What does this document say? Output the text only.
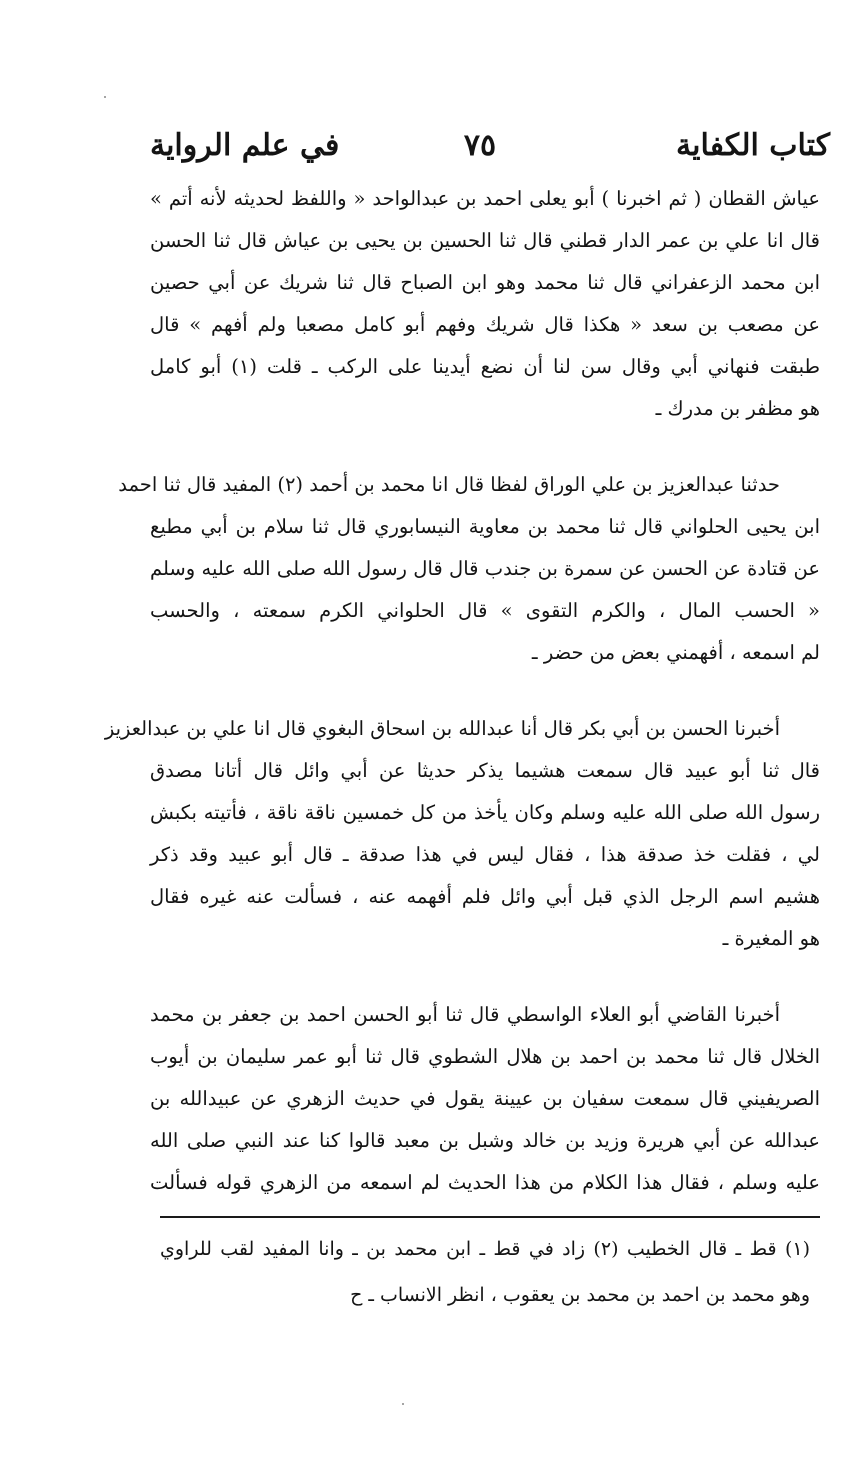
كتاب الكفاية
٧٥
في علم الرواية
عياش القطان ( ثم اخبرنا ) أبو يعلى احمد بن عبدالواحد « واللفظ لحديثه لأنه أتم »
قال انا علي بن عمر الدار قطني قال ثنا الحسين بن يحيى بن عياش قال ثنا الحسن
ابن محمد الزعفراني قال ثنا محمد وهو ابن الصباح قال ثنا شريك عن أبي حصين
عن مصعب بن سعد « هكذا قال شريك وفهم أبو كامل مصعبا ولم أفهم » قال
طبقت فنهاني أبي وقال سن لنا أن نضع أيدينا على الركب ـ قلت (١) أبو كامل
هو مظفر بن مدرك ـ
حدثنا عبدالعزيز بن علي الوراق لفظا قال انا محمد بن أحمد (٢) المفيد قال ثنا احمد
ابن يحيى الحلواني قال ثنا محمد بن معاوية النيسابوري قال ثنا سلام بن أبي مطيع
عن قتادة عن الحسن عن سمرة بن جندب قال قال رسول الله صلى الله عليه وسلم
« الحسب المال ، والكرم التقوى » قال الحلواني الكرم سمعته ، والحسب
لم اسمعه ، أفهمني بعض من حضر ـ
أخبرنا الحسن بن أبي بكر قال أنا عبدالله بن اسحاق البغوي قال انا علي بن عبدالعزيز
قال ثنا أبو عبيد قال سمعت هشيما يذكر حديثا عن أبي وائل قال أتانا مصدق
رسول الله صلى الله عليه وسلم وكان يأخذ من كل خمسين ناقة ناقة ، فأتيته بكبش
لي ، فقلت خذ صدقة هذا ، فقال ليس في هذا صدقة ـ قال أبو عبيد وقد ذكر
هشيم اسم الرجل الذي قبل أبي وائل فلم أفهمه عنه ، فسألت عنه غيره فقال
هو المغيرة ـ
أخبرنا القاضي أبو العلاء الواسطي قال ثنا أبو الحسن احمد بن جعفر بن محمد
الخلال قال ثنا محمد بن احمد بن هلال الشطوي قال ثنا أبو عمر سليمان بن أيوب
الصريفيني قال سمعت سفيان بن عيينة يقول في حديث الزهري عن عبيدالله بن
عبدالله عن أبي هريرة وزيد بن خالد وشبل بن معبد قالوا كنا عند النبي صلى الله
عليه وسلم ، فقال هذا الكلام من هذا الحديث لم اسمعه من الزهري قوله فسألت
(١) قط ـ قال الخطيب (٢) زاد في قط ـ ابن محمد بن ـ وانا المفيد لقب للراوي
وهو محمد بن احمد بن محمد بن يعقوب ، انظر الانساب ـ ح
